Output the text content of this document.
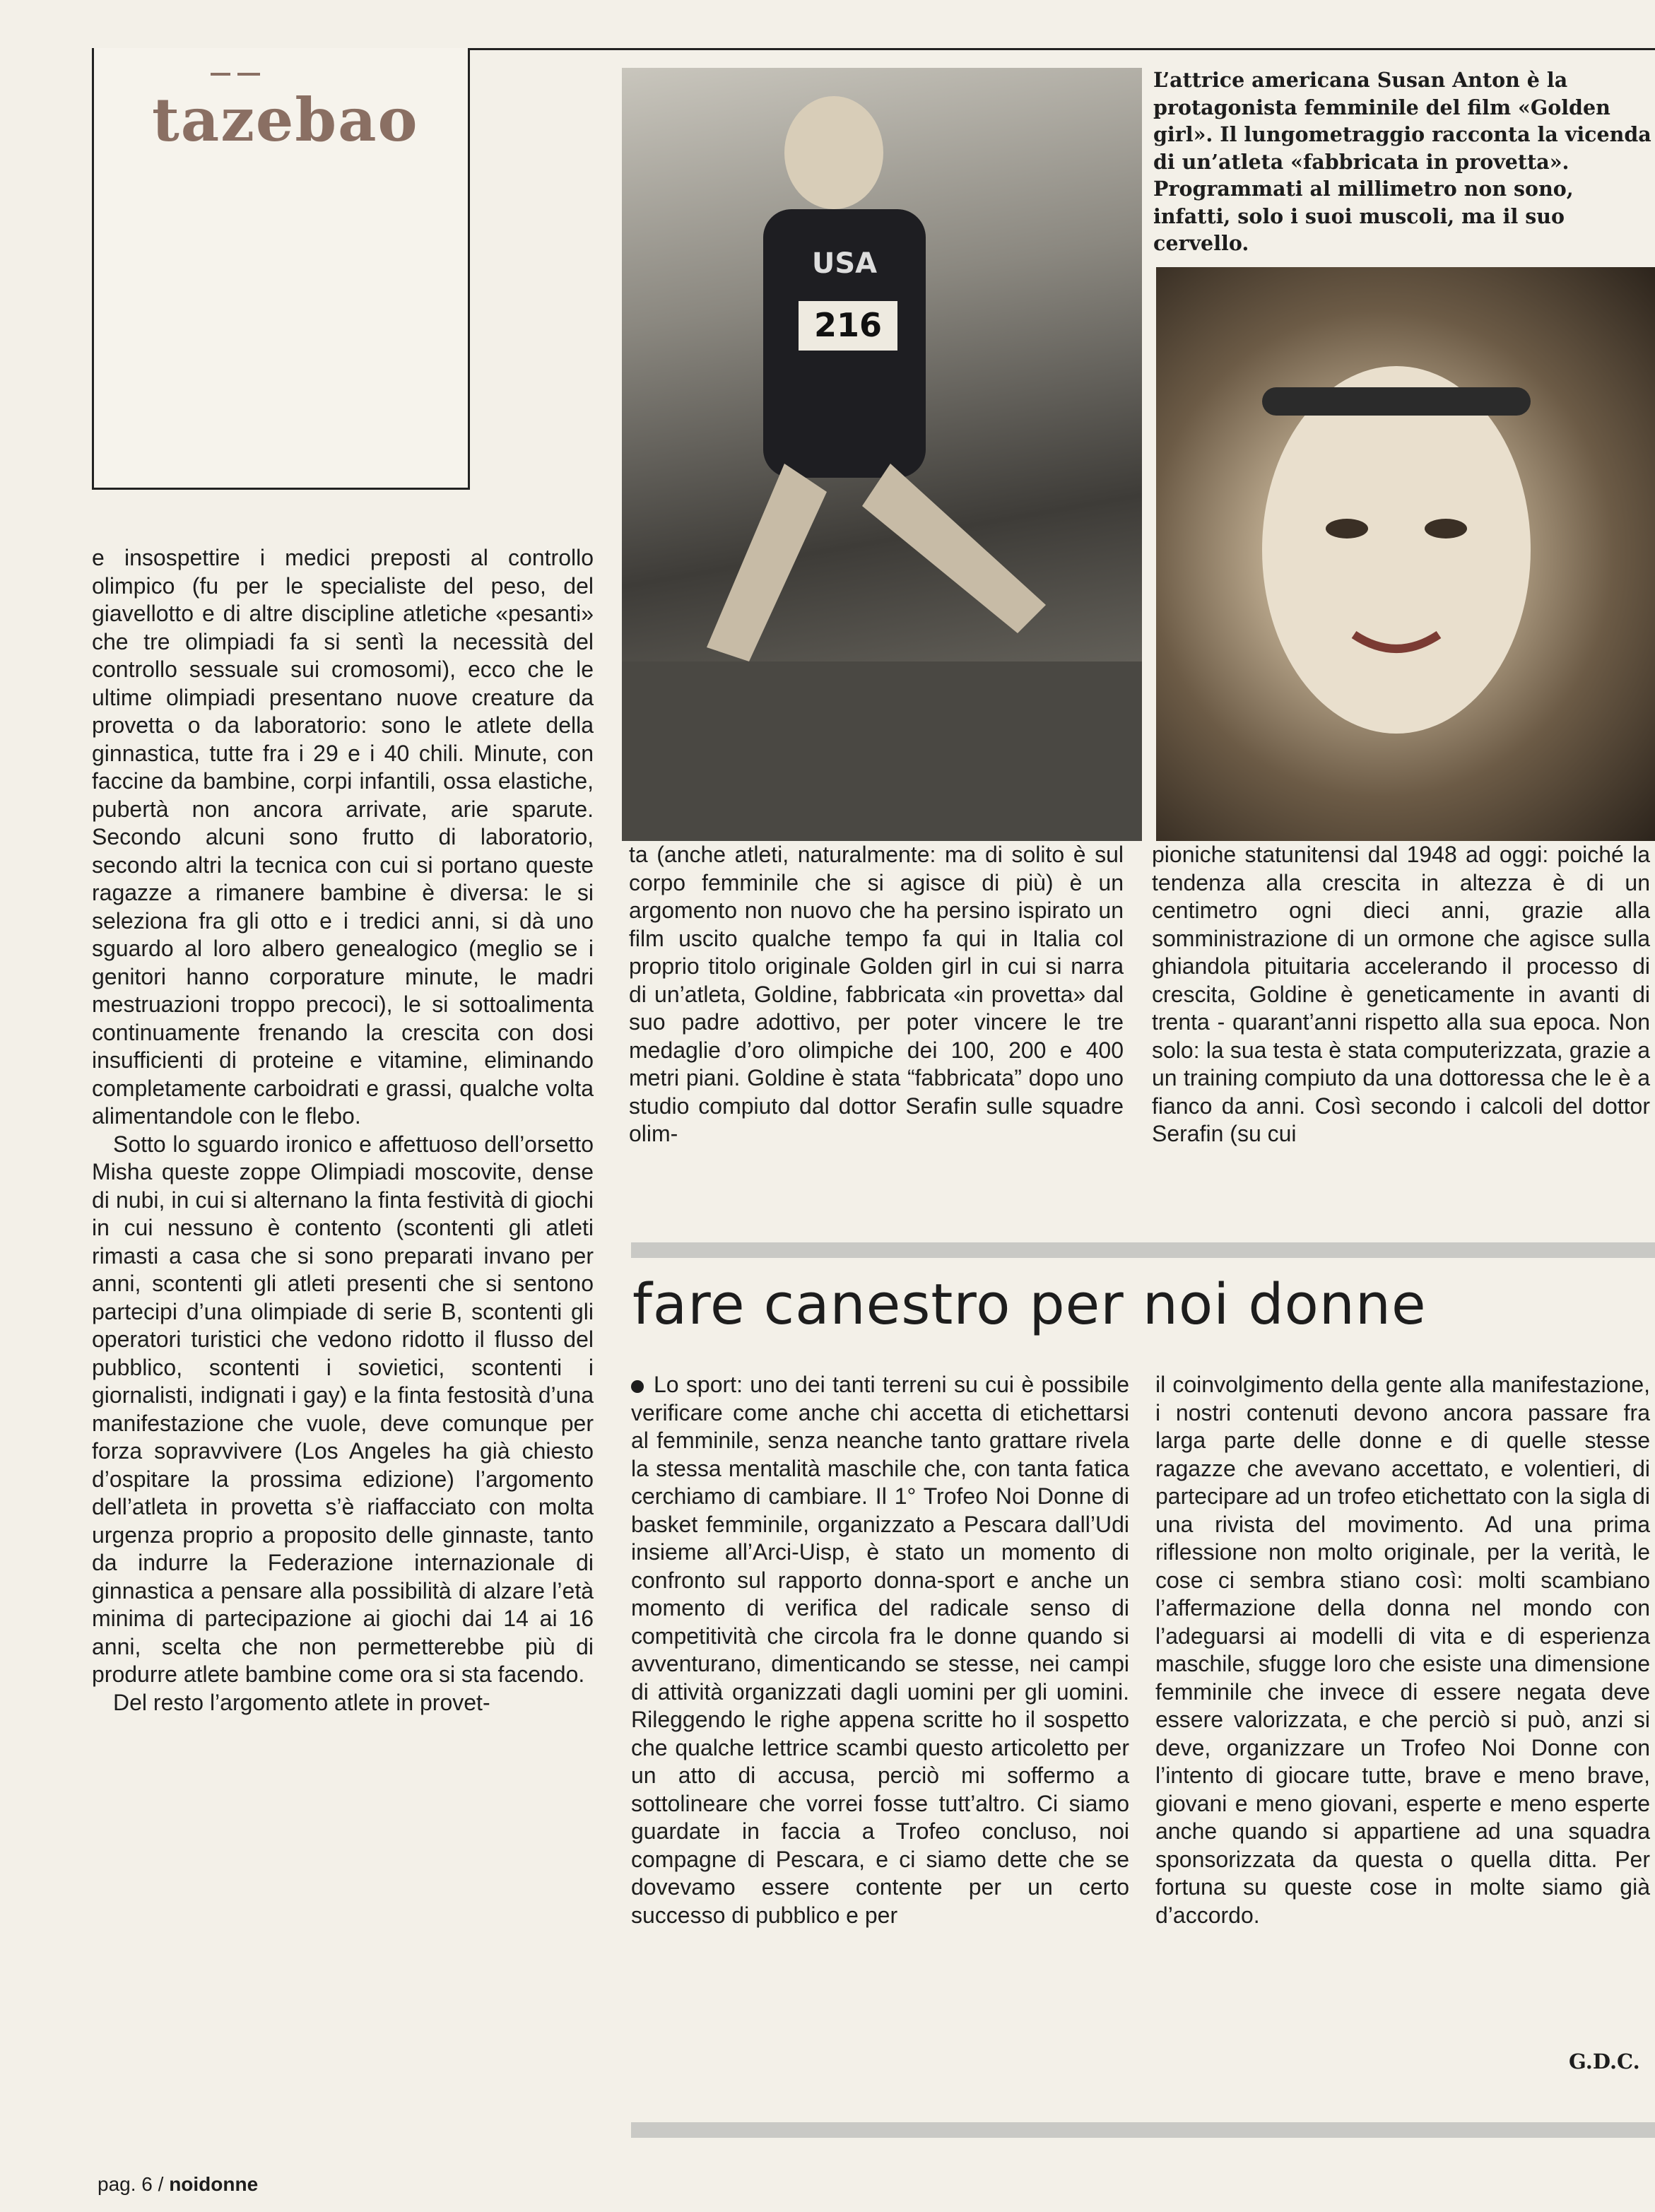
tazebao
216
USA
L’attrice americana Susan Anton è la protagonista femminile del film «Golden girl». Il lungometraggio racconta la vicenda di un’atleta «fabbricata in provetta». Programmati al millimetro non sono, infatti, solo i suoi muscoli, ma il suo cervello.

e insospettire i medici preposti al controllo olimpico (fu per le specialiste del peso, del giavellotto e di altre discipline atletiche «pesanti» che tre olimpiadi fa si sentì la necessità del controllo sessuale sui cromosomi), ecco che le ultime olimpiadi presentano nuove creature da provetta o da laboratorio: sono le atlete della ginnastica, tutte fra i 29 e i 40 chili. Minute, con faccine da bambine, corpi infantili, ossa elastiche, pubertà non ancora arrivate, arie sparute. Secondo alcuni sono frutto di laboratorio, secondo altri la tecnica con cui si portano queste ragazze a rimanere bambine è diversa: le si seleziona fra gli otto e i tredici anni, si dà uno sguardo al loro albero genealogico (meglio se i genitori hanno corporature minute, le madri mestruazioni troppo precoci), le si sottoalimenta continuamente frenando la crescita con dosi insufficienti di proteine e vitamine, eliminando completamente carboidrati e grassi, qualche volta alimentandole con le flebo.

Sotto lo sguardo ironico e affettuoso dell’orsetto Misha queste zoppe Olimpiadi moscovite, dense di nubi, in cui si alternano la finta festività di giochi in cui nessuno è contento (scontenti gli atleti rimasti a casa che si sono preparati invano per anni, scontenti gli atleti presenti che si sentono partecipi d’una olimpiade di serie B, scontenti gli operatori turistici che vedono ridotto il flusso del pubblico, scontenti i sovietici, scontenti i giornalisti, indignati i gay) e la finta festosità d’una manifestazione che vuole, deve comunque per forza sopravvivere (Los Angeles ha già chiesto d’ospitare la prossima edizione) l’argomento dell’atleta in provetta s’è riaffacciato con molta urgenza proprio a proposito delle ginnaste, tanto da indurre la Federazione internazionale di ginnastica a pensare alla possibilità di alzare l’età minima di partecipazione ai giochi dai 14 ai 16 anni, scelta che non permetterebbe più di produrre atlete bambine come ora si sta facendo.

Del resto l’argomento atlete in provet-

ta (anche atleti, naturalmente: ma di solito è sul corpo femminile che si agisce di più) è un argomento non nuovo che ha persino ispirato un film uscito qualche tempo fa qui in Italia col proprio titolo originale Golden girl in cui si narra di un’atleta, Goldine, fabbricata «in provetta» dal suo padre adottivo, per poter vincere le tre medaglie d’oro olimpiche dei 100, 200 e 400 metri piani. Goldine è stata “fabbricata” dopo uno studio compiuto dal dottor Serafin sulle squadre olim-
pioniche statunitensi dal 1948 ad oggi: poiché la tendenza alla crescita in altezza è di un centimetro ogni dieci anni, grazie alla somministrazione di un ormone che agisce sulla ghiandola pituitaria accelerando il processo di crescita, Goldine è geneticamente in avanti di trenta - quarant’anni rispetto alla sua epoca. Non solo: la sua testa è stata computerizzata, grazie a un training compiuto da una dottoressa che le è a fianco da anni. Così secondo i calcoli del dottor Serafin (su cui
fare canestro per noi donne

Lo sport: uno dei tanti terreni su cui è possibile verificare come anche chi accetta di etichettarsi al femminile, senza neanche tanto grattare rivela la stessa mentalità maschile che, con tanta fatica cerchiamo di cambiare. Il 1° Trofeo Noi Donne di basket femminile, organizzato a Pescara dall’Udi insieme all’Arci-Uisp, è stato un momento di confronto sul rapporto donna-sport e anche un momento di verifica del radicale senso di competitività che circola fra le donne quando si avventurano, dimenticando se stesse, nei campi di attività organizzati dagli uomini per gli uomini. Rileggendo le righe appena scritte ho il sospetto che qualche lettrice scambi questo articoletto per un atto di accusa, perciò mi soffermo a sottolineare che vorrei fosse tutt’altro. Ci siamo guardate in faccia a Trofeo concluso, noi compagne di Pescara, e ci siamo dette che se dovevamo essere contente per un certo successo di pubblico e per

il coinvolgimento della gente alla manifestazione, i nostri contenuti devono ancora passare fra larga parte delle donne e di quelle stesse ragazze che avevano accettato, e volentieri, di partecipare ad un trofeo etichettato con la sigla di una rivista del movimento. Ad una prima riflessione non molto originale, per la verità, le cose ci sembra stiano così: molti scambiano l’affermazione della donna nel mondo con l’adeguarsi ai modelli di vita e di esperienza maschile, sfugge loro che esiste una dimensione femminile che invece di essere negata deve essere valorizzata, e che perciò si può, anzi si deve, organizzare un Trofeo Noi Donne con l’intento di giocare tutte, brave e meno brave, giovani e meno giovani, esperte e meno esperte anche quando si appartiene ad una squadra sponsorizzata da questa o quella ditta. Per fortuna su queste cose in molte siamo già d’accordo.
G.D.C.
pag. 6 / noidonne
